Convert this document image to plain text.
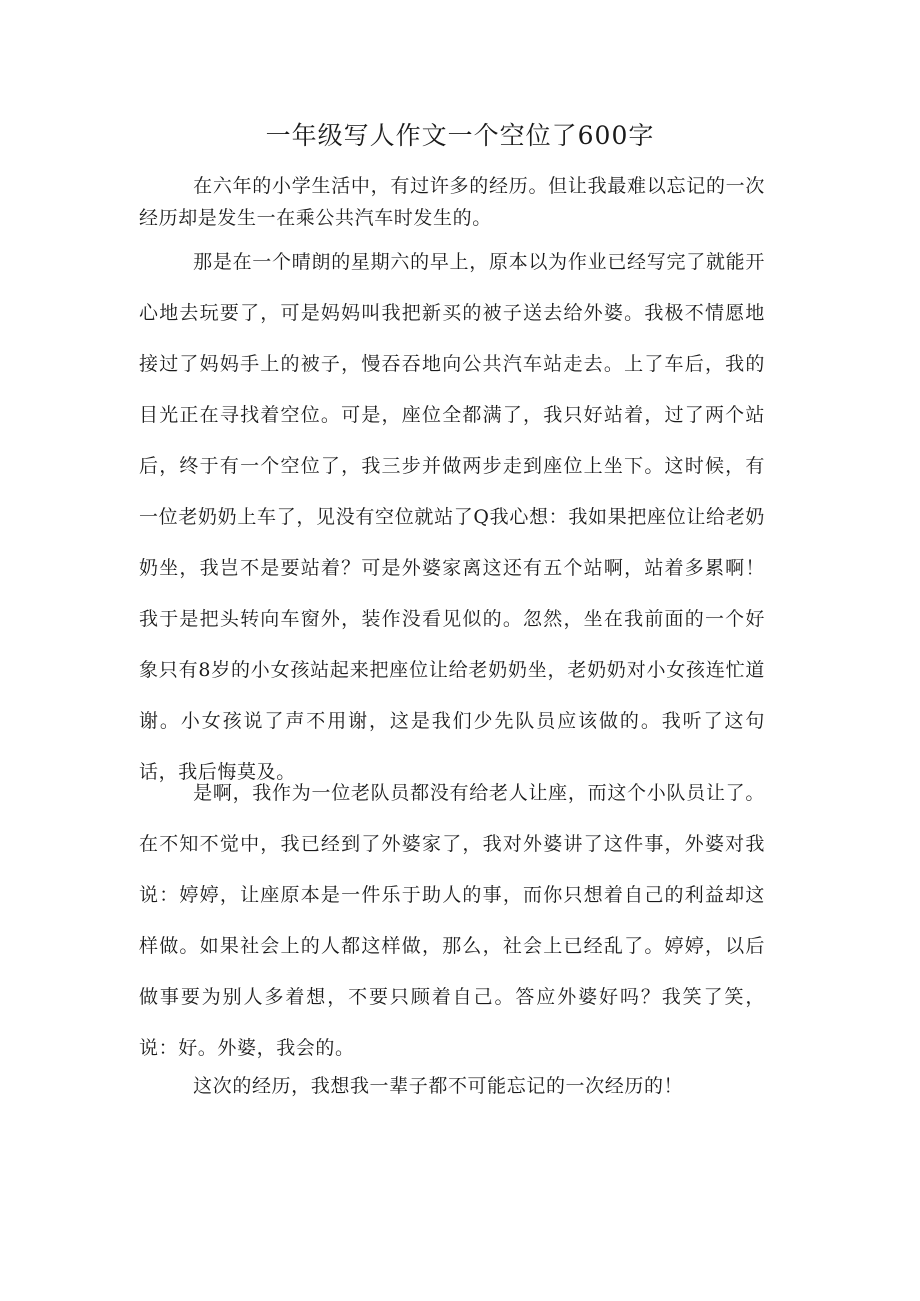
一年级写人作文一个空位了600字

在六年的小学生活中，有过许多的经历。但让我最难以忘记的一次经历却是发生一在乘公共汽车时发生的。

那是在一个晴朗的星期六的早上，原本以为作业已经写完了就能开心地去玩要了，可是妈妈叫我把新买的被子送去给外婆。我极不情愿地接过了妈妈手上的被子，慢吞吞地向公共汽车站走去。上了车后，我的目光正在寻找着空位。可是，座位全都满了，我只好站着，过了两个站后，终于有一个空位了，我三步并做两步走到座位上坐下。这时候，有一位老奶奶上车了，见没有空位就站了Q我心想：我如果把座位让给老奶奶坐，我岂不是要站着？可是外婆家离这还有五个站啊，站着多累啊！我于是把头转向车窗外，装作没看见似的。忽然，坐在我前面的一个好象只有8岁的小女孩站起来把座位让给老奶奶坐，老奶奶对小女孩连忙道谢。小女孩说了声不用谢，这是我们少先队员应该做的。我听了这句话，我后悔莫及。

是啊，我作为一位老队员都没有给老人让座，而这个小队员让了。在不知不觉中，我已经到了外婆家了，我对外婆讲了这件事，外婆对我说：婷婷，让座原本是一件乐于助人的事，而你只想着自己的利益却这样做。如果社会上的人都这样做，那么，社会上已经乱了。婷婷，以后做事要为别人多着想，不要只顾着自己。答应外婆好吗？我笑了笑，说：好。外婆，我会的。

这次的经历，我想我一辈子都不可能忘记的一次经历的！
